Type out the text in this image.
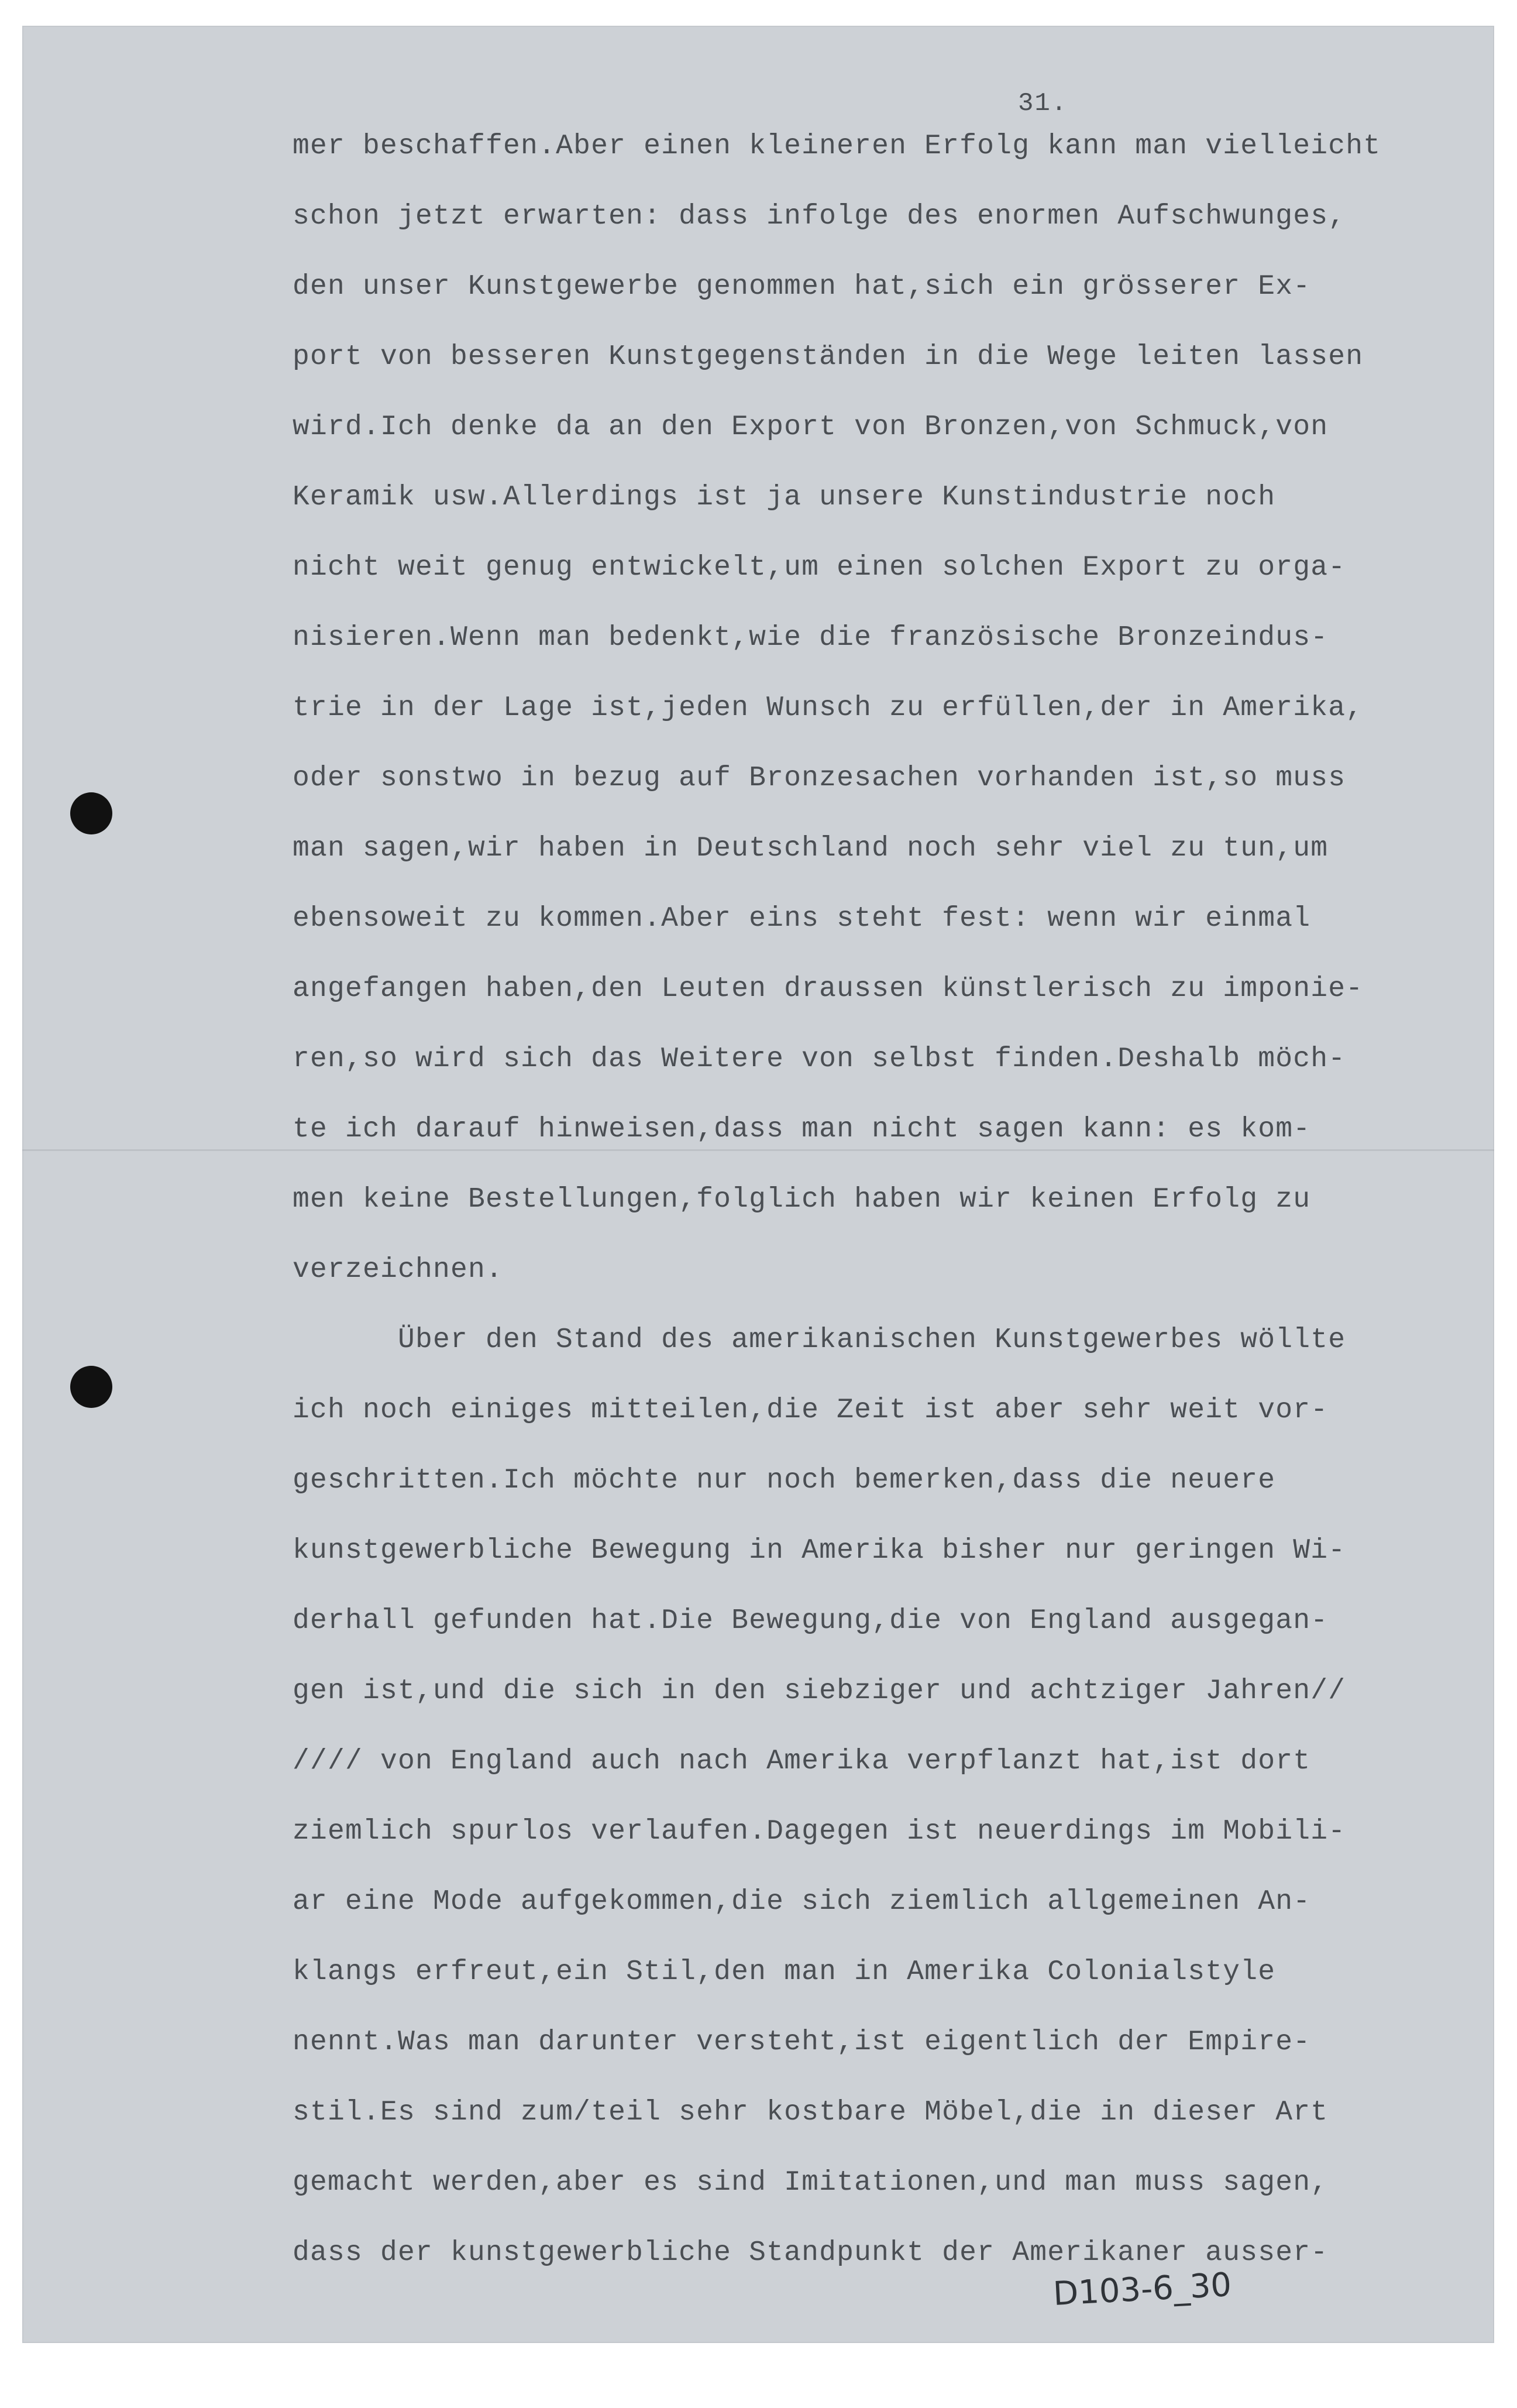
31.
mer beschaffen.Aber einen kleineren Erfolg kann man vielleicht
schon jetzt erwarten: dass infolge des enormen Aufschwunges,
den unser Kunstgewerbe genommen hat,sich ein grösserer Ex-
port von besseren Kunstgegenständen in die Wege leiten lassen
wird.Ich denke da an den Export von Bronzen,von Schmuck,von
Keramik usw.Allerdings ist ja unsere Kunstindustrie noch
nicht weit genug entwickelt,um einen solchen Export zu orga-
nisieren.Wenn man bedenkt,wie die französische Bronzeindus-
trie in der Lage ist,jeden Wunsch zu erfüllen,der in Amerika,
oder sonstwo in bezug auf Bronzesachen vorhanden ist,so muss
man sagen,wir haben in Deutschland noch sehr viel zu tun,um
ebensoweit zu kommen.Aber eins steht fest: wenn wir einmal
angefangen haben,den Leuten draussen künstlerisch zu imponie-
ren,so wird sich das Weitere von selbst finden.Deshalb möch-
te ich darauf hinweisen,dass man nicht sagen kann: es kom-
men keine Bestellungen,folglich haben wir keinen Erfolg zu
verzeichnen.
Über den Stand des amerikanischen Kunstgewerbes wöllte
ich noch einiges mitteilen,die Zeit ist aber sehr weit vor-
geschritten.Ich möchte nur noch bemerken,dass die neuere
kunstgewerbliche Bewegung in Amerika bisher nur geringen Wi-
derhall gefunden hat.Die Bewegung,die von England ausgegan-
gen ist,und die sich in den siebziger und achtziger Jahren//
//// von England auch nach Amerika verpflanzt hat,ist dort
ziemlich spurlos verlaufen.Dagegen ist neuerdings im Mobili-
ar eine Mode aufgekommen,die sich ziemlich allgemeinen An-
klangs erfreut,ein Stil,den man in Amerika Colonialstyle
nennt.Was man darunter versteht,ist eigentlich der Empire-
stil.Es sind zum/teil sehr kostbare Möbel,die in dieser Art
gemacht werden,aber es sind Imitationen,und man muss sagen,
dass der kunstgewerbliche Standpunkt der Amerikaner ausser-
D103-6_30
